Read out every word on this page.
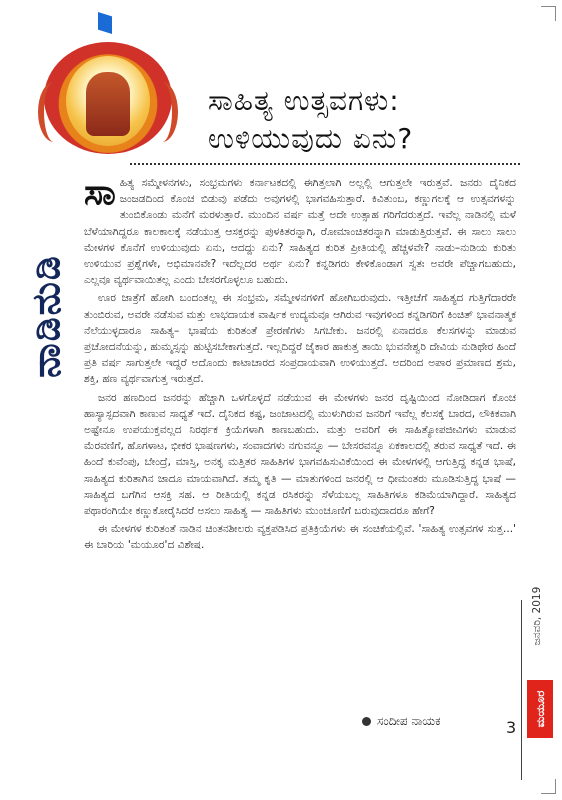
ಸಾಹಿತ್ಯ ಉತ್ಸವಗಳು:
ಉಳಿಯುವುದು ಏನು?
ನಾಡಿನುಡಿ

ಸಾಹಿತ್ಯ ಸಮ್ಮೇಳನಗಳು, ಸಂಭ್ರಮಗಳು ಕರ್ನಾಟಕದಲ್ಲಿ ಈಗಿತ್ತಲಾಗಿ ಅಲ್ಲಲ್ಲಿ ಆಗುತ್ತಲೇ ಇರುತ್ತವೆ. ಜನರು ದೈನಿಕದ ಜಂಜಡದಿಂದ ಕೊಂಚ ಬಿಡುವು ಪಡೆದು ಅವುಗಳಲ್ಲಿ ಭಾಗವಹಿಸುತ್ತಾರೆ. ಕಿವಿತುಂಬ, ಕಣ್ಣುಗಲಕ್ಕೆ ಆ ಉತ್ಸವಗಳನ್ನು ತುಂಬಿಕೊಂಡು ಮನೆಗೆ ಮರಳುತ್ತಾರೆ. ಮುಂದಿನ ವರ್ಷ ಮತ್ತೆ ಅದೇ ಉತ್ಸಾಹ ಗರಿಗೆದರುತ್ತದೆ. ಇವೆಲ್ಲ ನಾಡಿನಲ್ಲಿ ಮಳೆ ಬೆಳೆಯಾಗಿದ್ದರೂ ಕಾಲಕಾಲಕ್ಕೆ ನಡೆಯುತ್ತ ಆಸಕ್ತರನ್ನು ಪುಳಕಿತರನ್ನಾಗಿ, ರೋಮಾಂಚಿತರನ್ನಾಗಿ ಮಾಡುತ್ತಿರುತ್ತವೆ. ಈ ಸಾಲು ಸಾಲು ಮೇಳಗಳ ಕೊನೆಗೆ ಉಳಿಯುವುದು ಏನು, ಆದದ್ದು ಏನು? ಸಾಹಿತ್ಯದ ಕುರಿತ ಪ್ರೀತಿಯಲ್ಲಿ ಹೆಚ್ಚಳವೇ? ನಾಡು–ನುಡಿಯ ಕುರಿತು ಉಳಿಯುವ ಪ್ರಶ್ನೆಗಳೇ, ಅಭಿಮಾನವೇ? ಇದೆಲ್ಲದರ ಅರ್ಥ ಏನು? ಕನ್ನಡಿಗರು ಕೇಳಿಕೊಂಡಾಗ ಸ್ವತಃ ಅವರೇ ಪೆಚ್ಚಾಗಬಹುದು, ಎಲ್ಲವೂ ವ್ಯರ್ಥವಾಯಿತಲ್ಲ ಎಂದು ಬೇಸರಗೊಳ್ಳಲೂ ಬಹುದು.

ಊರ ಜಾತ್ರೆಗೆ ಹೋಗಿ ಬಂದಂತಲ್ಲ ಈ ಸಂಭ್ರಮ, ಸಮ್ಮೇಳನಗಳಿಗೆ ಹೋಗಿಬರುವುದು. ಇತ್ತೀಚೆಗೆ ಸಾಹಿತ್ಯದ ಗುತ್ತಿಗೆದಾರರೇ ತುಂಬಿರುವ, ಅವರೇ ನಡೆಸುವ ಮತ್ತು ಲಾಭದಾಯಕ ವಾರ್ಷಿಕ ಉದ್ಯಮವೂ ಆಗಿರುವ ಇವುಗಳಿಂದ ಕನ್ನಡಿಗರಿಗೆ ಕಿಂಚಿತ್ ಭಾವನಾತ್ಮಕ ನೆಲೆಯುಳ್ಳದಾರೂ ಸಾಹಿತ್ಯ– ಭಾಷೆಯ ಕುರಿತಂತೆ ಪ್ರೇರಣೆಗಳು ಸಿಗಬೇಕು. ಜನರಲ್ಲಿ ಏನಾದರೂ ಕೆಲಸಗಳನ್ನು ಮಾಡುವ ಪ್ರಚೋದನೆಯನ್ನು, ಹುಮ್ಮಸ್ಸನ್ನು ಹುಟ್ಟಿಸಬೇಕಾಗುತ್ತದೆ. ಇಲ್ಲದಿದ್ದರೆ ಜೈಕಾರ ಹಾಕುತ್ತ ತಾಯಿ ಭುವನೇಶ್ವರಿ ದೇವಿಯ ನುಡಿಥೇರ ಹಿಂದೆ ಪ್ರತಿ ವರ್ಷ ಸಾಗುತ್ತಲೇ ಇದ್ದರೆ ಅದೊಂದು ಕಾಟಾಚಾರದ ಸಂಪ್ರದಾಯವಾಗಿ ಉಳಿಯುತ್ತದೆ. ಅದರಿಂದ ಅಪಾರ ಪ್ರಮಾಣದ ಶ್ರಮ, ಶಕ್ತಿ, ಹಣ ವ್ಯರ್ಥವಾಗುತ್ತ ಇರುತ್ತದೆ.

ಜನರ ಹಣದಿಂದ ಜನರನ್ನು ಹೆಚ್ಚಾಗಿ ಒಳಗೊಳ್ಳದೆ ನಡೆಯುವ ಈ ಮೇಳಗಳು ಜನರ ದೃಷ್ಟಿಯಿಂದ ನೋಡಿದಾಗ ಕೊಂಚ ಹಾಸ್ಯಾಸ್ಪದವಾಗಿ ಕಾಣುವ ಸಾಧ್ಯತೆ ಇದೆ. ದೈನಿಕದ ಕಷ್ಟ, ಜಂಜಾಟದಲ್ಲಿ ಮುಳುಗಿರುವ ಜನರಿಗೆ ಇವೆಲ್ಲ ಕೆಲಸಕ್ಕೆ ಬಾರದ, ಲೌಕಿಕವಾಗಿ ಅಷ್ಟೇನೂ ಉಪಯುಕ್ತವಲ್ಲದ ನಿರರ್ಥಕ ಕ್ರಿಯೆಗಳಾಗಿ ಕಾಣಬಹುದು. ಮತ್ತು ಅವರಿಗೆ ಈ ಸಾಹಿತ್ಯೋಪಜೀವಿಗಳು ಮಾಡುವ ಮೆರವಣಿಗೆ, ಹೊಗಳಾಟ, ಭೀಕರ ಭಾಷಣಗಳು, ಸಂವಾದಗಳು ನಗುವನ್ನೂ — ಬೇಸರವನ್ನೂ ಏಕಕಾಲದಲ್ಲಿ ತರುವ ಸಾಧ್ಯತೆ ಇದೆ. ಈ ಹಿಂದೆ ಕುವೆಂಪು, ಬೇಂದ್ರೆ, ಮಾಸ್ತಿ, ಅನಕೃ ಮತ್ತಿತರ ಸಾಹಿತಿಗಳ ಭಾಗವಹಿಸುವಿಕೆಯಿಂದ ಈ ಮೇಳಗಳಲ್ಲಿ ಆಗುತ್ತಿದ್ದ ಕನ್ನಡ ಭಾಷೆ, ಸಾಹಿತ್ಯದ ಕುರಿತಾಗಿನ ಜಾದೂ ಮಾಯವಾಗಿದೆ. ತಮ್ಮ ಕೃತಿ — ಮಾತುಗಳಿಂದ ಜನರಲ್ಲಿ ಆ ಧೀಮಂತರು ಮೂಡಿಸುತ್ತಿದ್ದ ಭಾಷೆ — ಸಾಹಿತ್ಯದ ಬಗೆಗಿನ ಆಸಕ್ತಿ ಸಹ. ಆ ರೀತಿಯಲ್ಲಿ ಕನ್ನಡ ರಸಿಕರನ್ನು ಸೆಳೆಯಬಲ್ಲ ಸಾಹಿತಿಗಳೂ ಕಡಿಮೆಯಾಗಿದ್ದಾರೆ. ಸಾಹಿತ್ಯದ ಪಥಾರಂಗಿಯೇ ಕಣ್ಣುಕೋರೈಸಿದರೆ ಅಸಲು ಸಾಹಿತ್ಯ — ಸಾಹಿತಿಗಳು ಮುಂಚೂಣಿಗೆ ಬರುವುದಾದರೂ ಹೇಗೆ?

ಈ ಮೇಳಗಳ ಕುರಿತಂತೆ ನಾಡಿನ ಚಿಂತನಶೀಲರು ವ್ಯಕ್ತಪಡಿಸಿದ ಪ್ರತಿಕ್ರಿಯೆಗಳು ಈ ಸಂಚಿಕೆಯಲ್ಲಿವೆ. 'ಸಾಹಿತ್ಯ ಉತ್ಸವಗಳ ಸುತ್ತ...' ಈ ಬಾರಿಯ 'ಮಯೂರ'ದ ವಿಶೇಷ.

ಸಂದೀಪ ನಾಯಕ
ಜನವರಿ, 2019
ಮಯೂರ
3
